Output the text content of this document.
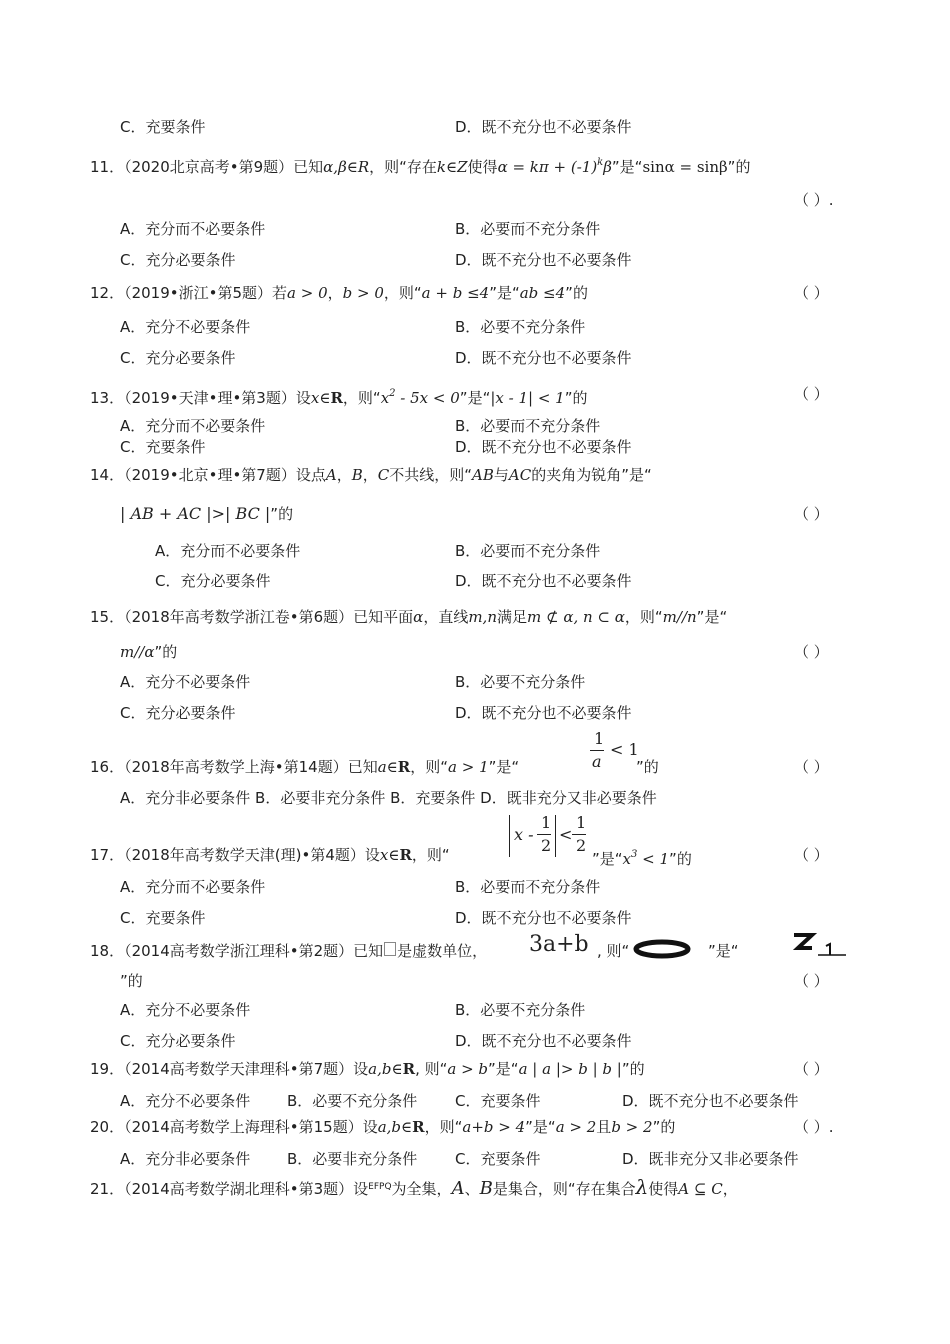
C．充要条件	D．既不充分也不必要条件
11．（2020北京高考•第9题）已知α,β∈R，则“存在k∈Z使得$\alpha = k\pi + (-1)^k\beta$”是“sinα = sinβ”的
（ ）.
A．充分而不必要条件	B．必要而不充分条件
C．充分必要条件	D．既不充分也不必要条件
12．（2019•浙江•第5题）若a > 0，b > 0，则“a + b ≤4”是“ab ≤4”的	（ ）
A．充分不必要条件	B．必要不充分条件
C．充分必要条件	D．既不充分也不必要条件
13．（2019•天津•理•第3题）设x∈R，则“$x^2 - 5x < 0$”是“|x - 1| < 1”的	（ ）
A．充分而不必要条件	B．必要而不充分条件
C．充要条件	D．既不充分也不必要条件
14．（2019•北京•理•第7题）设点A，B，C不共线，则“AB与AC的夹角为锐角”是“
| AB + AC |>| BC |”的	（ ）
A．充分而不必要条件	B．必要而不充分条件
C．充分必要条件	D．既不充分也不必要条件
15．（2018年高考数学浙江卷•第6题）已知平面α，直线m,n满足m ⊄ α, n ⊂ α，则“m//n”是“
m//α”的	（ ）
A．充分不必要条件	B．必要不充分条件
C．充分必要条件	D．既不充分也不必要条件
16．（2018年高考数学上海•第14题）已知a∈R，则“a > 1”是“
1
a
< 1
”的	（ ）
A．充分非必要条件 B．必要非充分条件 B．充要条件 D．既非充分又非必要条件
17．（2018年高考数学天津(理)•第4题）设x∈R，则“
x -
1
2
<
1
2
”是“$x^3 < 1$”的	（ ）
A．充分而不必要条件	B．必要而不充分条件
C．充要条件	D．既不充分也不必要条件
18．（2014高考数学浙江理科•第2题）已知 是虚数单位， 3a+b , 则“	”是“
”的	（ ）
A．充分不必要条件	B．必要不充分条件
C．充分必要条件	D．既不充分也不必要条件
19．（2014高考数学天津理科•第7题）设a,b∈R, 则“a > b”是“a | a |> b | b |”的	（ ）
A．充分不必要条件 B．必要不充分条件	C．充要条件	D．既不充分也不必要条件
20．（2014高考数学上海理科•第15题）设a,b∈R，则“a+b > 4”是“a > 2且b > 2”的	（ ）.
A．充分非必要条件 B．必要非充分条件	C．充要条件	D．既非充分又非必要条件
21．（2014高考数学湖北理科•第3题）设$^{EFPQ}$为全集，A、B是集合，则“存在集合λ使得A ⊆ C，
